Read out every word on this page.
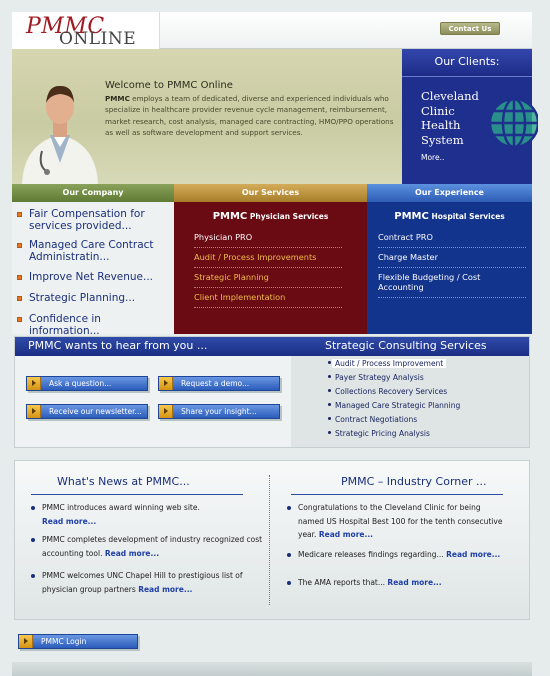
PMMC
ONLINE	Contact Us
Welcome to PMMC Online
PMMC employs a team of dedicated, diverse and experienced individuals who specialize in healthcare provider revenue cycle management, reimbursement, market research, cost analysis, managed care contracting, HMO/PPO operations as well as software development and support services.
Our Clients:
Cleveland Clinic Health System
More..
Our Company	Our Services	Our Experience
Fair Compensation for services provided...
Managed Care Contract Administratin...
Improve Net Revenue...
Strategic Planning...
Confidence in information...
PMMC Physician Services
Physician PRO
Audit / Process Improvements
Strategic Planning
Client Implementation
PMMC Hospital Services
Contract PRO
Charge Master
Flexible Budgeting / Cost Accounting
PMMC wants to hear from you ...	Strategic Consulting Services
Ask a question...	Request a demo...
Receive our newsletter...	Share your insight...
Audit / Process Improvement
Payer Strategy Analysis
Collections Recovery Services
Managed Care Strategic Planning
Contract Negotiations
Strategic Pricing Analysis
What's News at PMMC...	PMMC – Industry Corner ...
PMMC introduces award winning web site.
Read more...
PMMC completes development of industry recognized cost accounting tool. Read more...
PMMC welcomes UNC Chapel Hill to prestigious list of physician group partners Read more...
Congratulations to the Cleveland Clinic for being named US Hospital Best 100 for the tenth consecutive year. Read more...
Medicare releases findings regarding... Read more...
The AMA reports that... Read more...
PMMC Login
